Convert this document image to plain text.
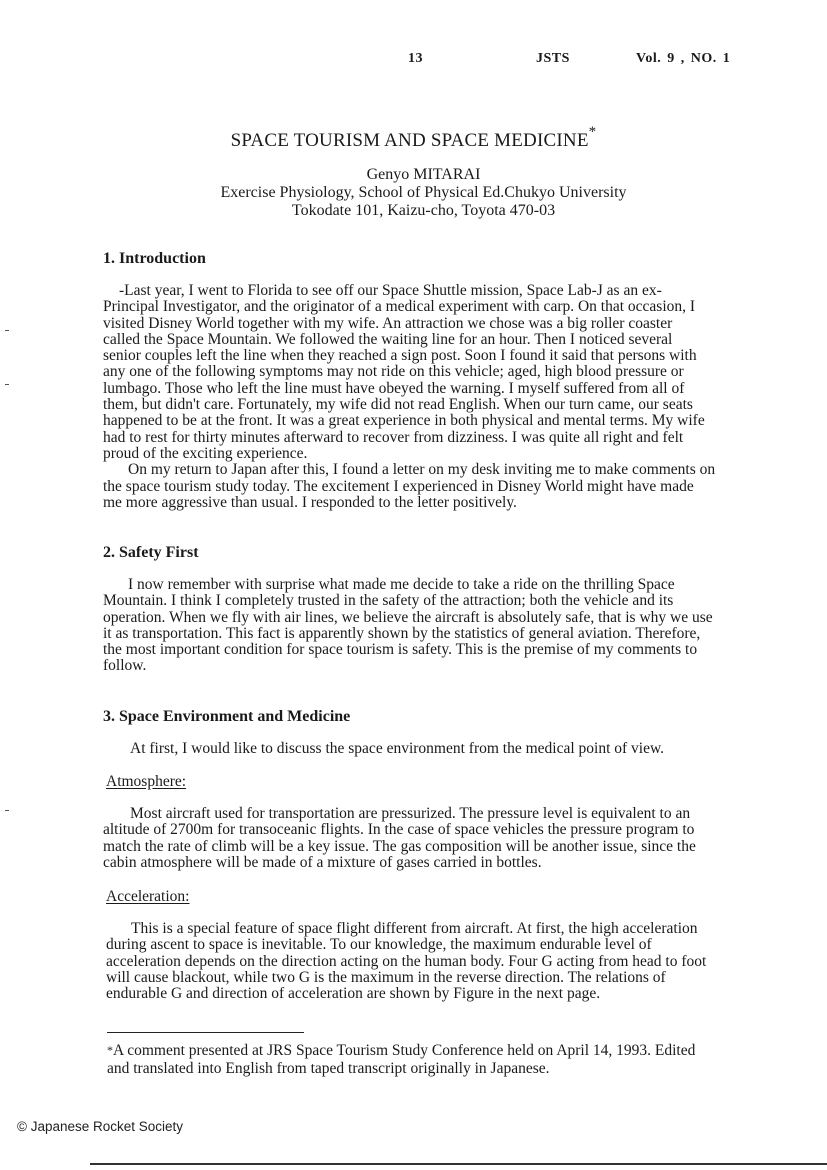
13	JSTS	Vol. 9 , NO. 1
SPACE TOURISM AND SPACE MEDICINE*
Genyo MITARAI
Exercise Physiology, School of Physical Ed.Chukyo University
Tokodate 101, Kaizu-cho, Toyota 470-03
1. Introduction
-Last year, I went to Florida to see off our Space Shuttle mission, Space Lab-J as an ex-
Principal Investigator, and the originator of a medical experiment with carp. On that occasion, I
visited Disney World together with my wife. An attraction we chose was a big roller coaster
called the Space Mountain. We followed the waiting line for an hour. Then I noticed several
senior couples left the line when they reached a sign post. Soon I found it said that persons with
any one of the following symptoms may not ride on this vehicle; aged, high blood pressure or
lumbago. Those who left the line must have obeyed the warning. I myself suffered from all of
them, but didn't care. Fortunately, my wife did not read English. When our turn came, our seats
happened to be at the front. It was a great experience in both physical and mental terms. My wife
had to rest for thirty minutes afterward to recover from dizziness. I was quite all right and felt
proud of the exciting experience.
On my return to Japan after this, I found a letter on my desk inviting me to make comments on
the space tourism study today. The excitement I experienced in Disney World might have made
me more aggressive than usual. I responded to the letter positively.
2. Safety First
I now remember with surprise what made me decide to take a ride on the thrilling Space
Mountain. I think I completely trusted in the safety of the attraction; both the vehicle and its
operation. When we fly with air lines, we believe the aircraft is absolutely safe, that is why we use
it as transportation. This fact is apparently shown by the statistics of general aviation. Therefore,
the most important condition for space tourism is safety. This is the premise of my comments to
follow.
3. Space Environment and Medicine
At first, I would like to discuss the space environment from the medical point of view.
Atmosphere:
Most aircraft used for transportation are pressurized. The pressure level is equivalent to an
altitude of 2700m for transoceanic flights. In the case of space vehicles the pressure program to
match the rate of climb will be a key issue. The gas composition will be another issue, since the
cabin atmosphere will be made of a mixture of gases carried in bottles.
Acceleration:
This is a special feature of space flight different from aircraft. At first, the high acceleration
during ascent to space is inevitable. To our knowledge, the maximum endurable level of
acceleration depends on the direction acting on the human body. Four G acting from head to foot
will cause blackout, while two G is the maximum in the reverse direction. The relations of
endurable G and direction of acceleration are shown by Figure in the next page.
*A comment presented at JRS Space Tourism Study Conference held on April 14, 1993. Edited
and translated into English from taped transcript originally in Japanese.
© Japanese Rocket Society
